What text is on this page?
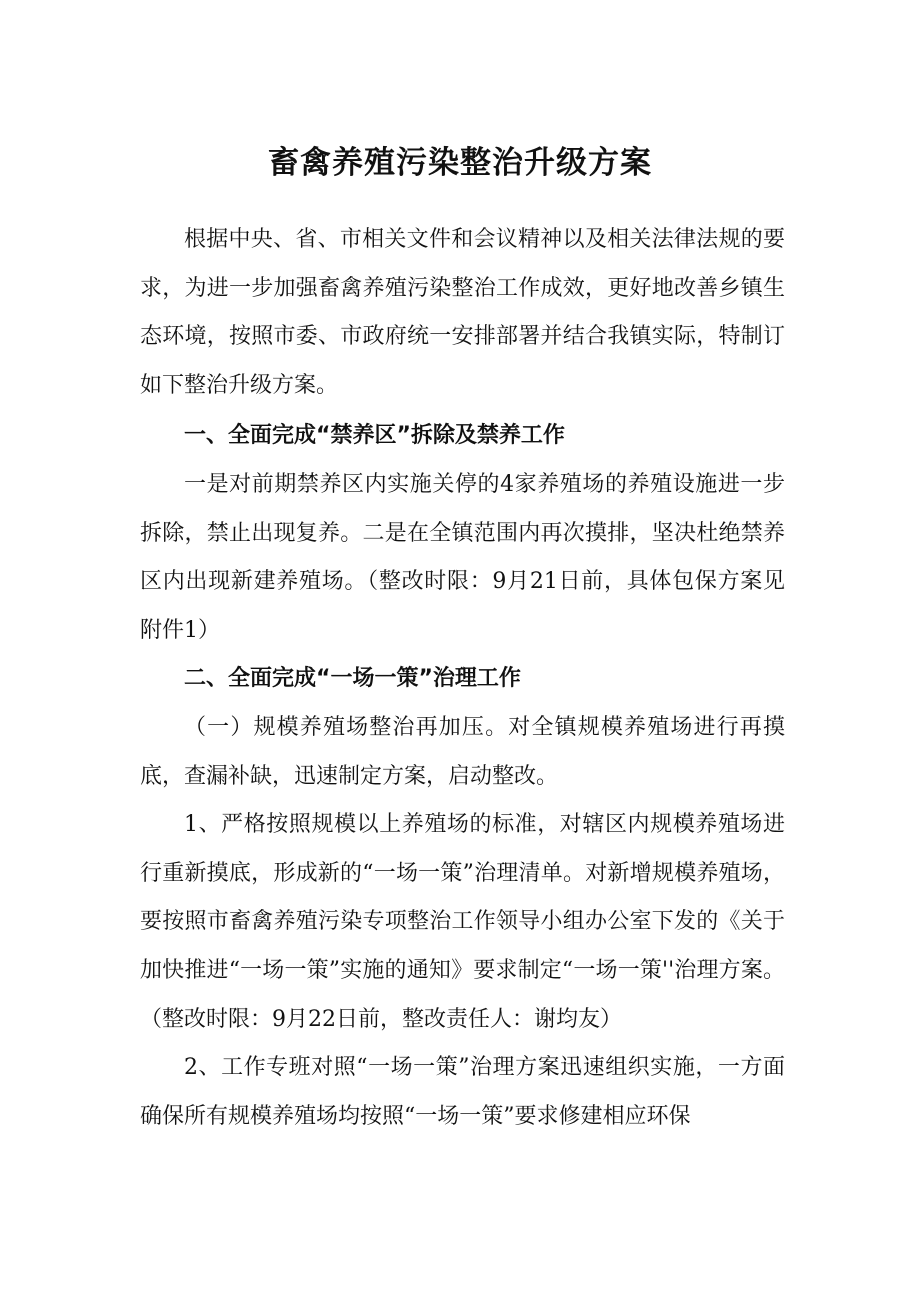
畜禽养殖污染整治升级方案

根据中央、省、市相关文件和会议精神以及相关法律法规的要求，为进一步加强畜禽养殖污染整治工作成效，更好地改善乡镇生态环境，按照市委、市政府统一安排部署并结合我镇实际，特制订如下整治升级方案。

一、全面完成“禁养区”拆除及禁养工作

一是对前期禁养区内实施关停的4家养殖场的养殖设施进一步拆除，禁止出现复养。二是在全镇范围内再次摸排，坚决杜绝禁养区内出现新建养殖场。（整改时限：9月21日前，具体包保方案见附件1）

二、全面完成“一场一策”治理工作

（一）规模养殖场整治再加压。对全镇规模养殖场进行再摸底，查漏补缺，迅速制定方案，启动整改。

1、严格按照规模以上养殖场的标准，对辖区内规模养殖场进行重新摸底，形成新的“一场一策”治理清单。对新增规模养殖场，要按照市畜禽养殖污染专项整治工作领导小组办公室下发的《关于加快推进“一场一策”实施的通知》要求制定“一场一策''治理方案。（整改时限：9月22日前，整改责任人：谢均友）

2、工作专班对照“一场一策”治理方案迅速组织实施，一方面确保所有规模养殖场均按照“一场一策”要求修建相应环保
